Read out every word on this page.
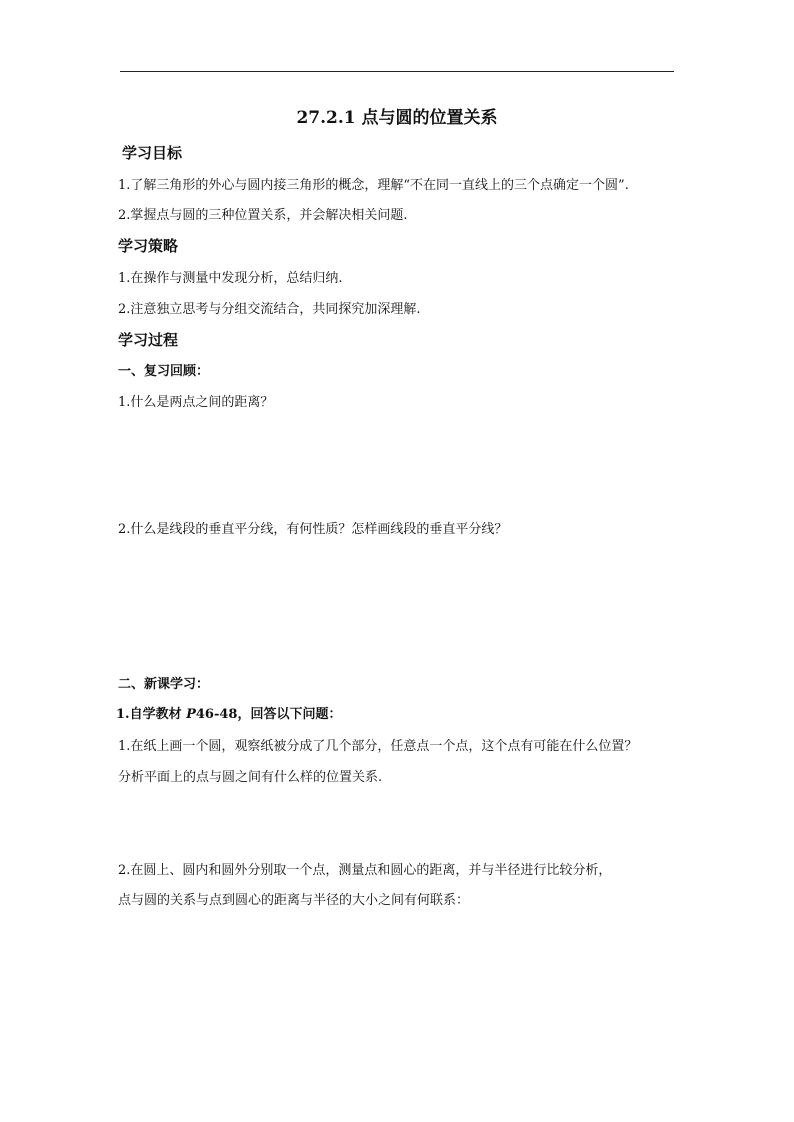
27.2.1 点与圆的位置关系
学习目标
1.了解三角形的外心与圆内接三角形的概念，理解“不在同一直线上的三个点确定一个圆”.
2.掌握点与圆的三种位置关系，并会解决相关问题.
学习策略
1.在操作与测量中发现分析，总结归纳.
2.注意独立思考与分组交流结合，共同探究加深理解.
学习过程
一、复习回顾：
1.什么是两点之间的距离？
2.什么是线段的垂直平分线，有何性质？怎样画线段的垂直平分线？
二、新课学习：
1.自学教材 P46-48，回答以下问题：
1.在纸上画一个圆，观察纸被分成了几个部分，任意点一个点，这个点有可能在什么位置？
分析平面上的点与圆之间有什么样的位置关系.
2.在圆上、圆内和圆外分别取一个点，测量点和圆心的距离，并与半径进行比较分析，
点与圆的关系与点到圆心的距离与半径的大小之间有何联系：
